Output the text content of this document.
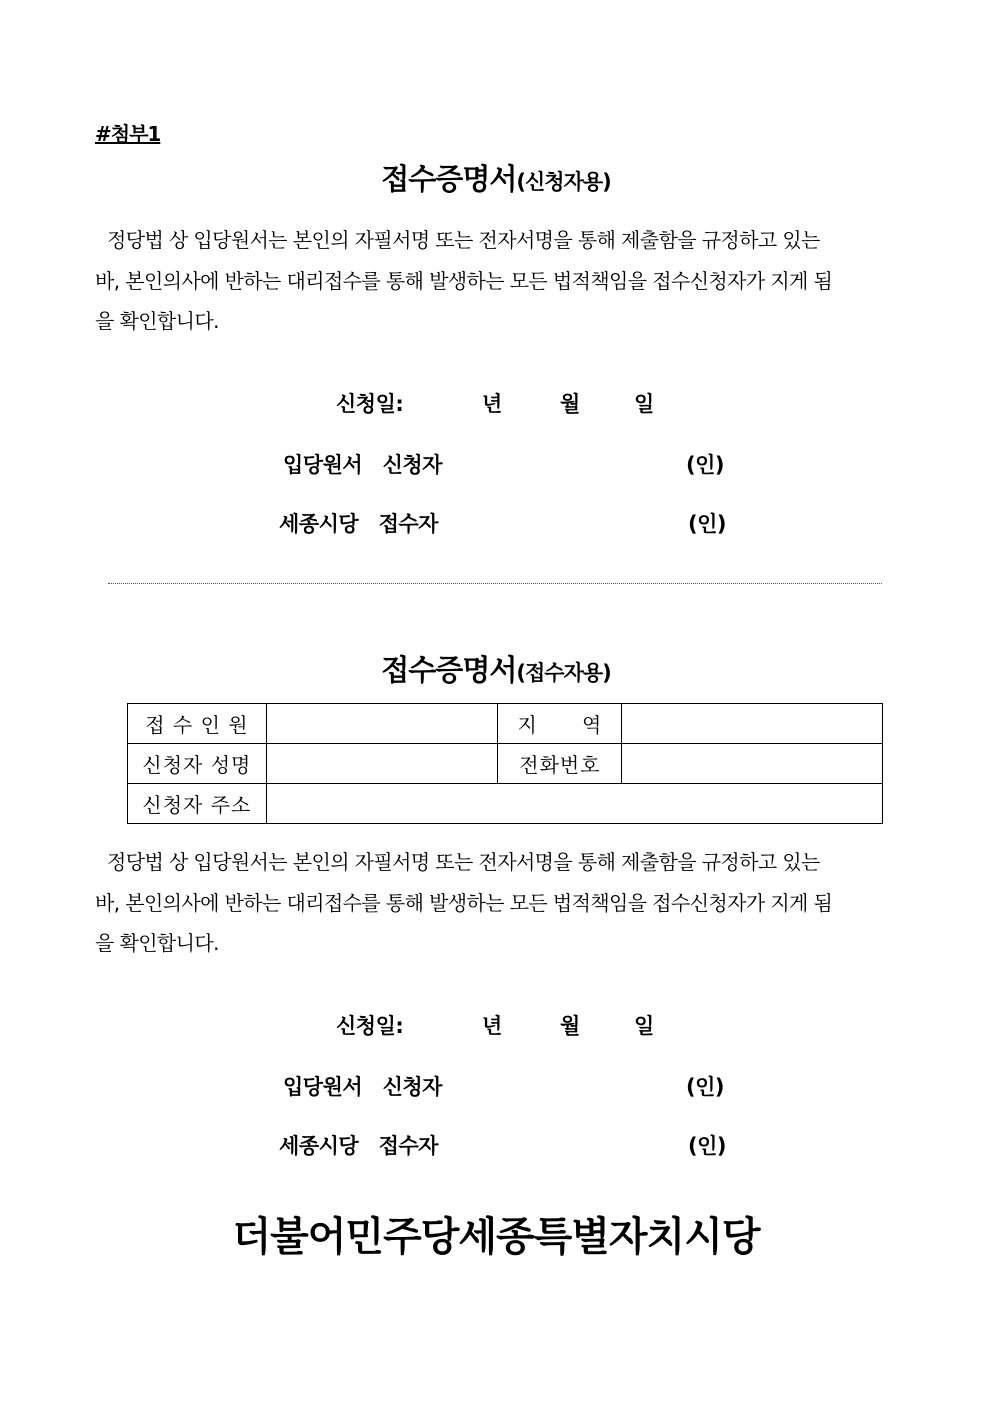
#첨부1
접수증명서(신청자용)
정당법 상 입당원서는 본인의 자필서명 또는 전자서명을 통해 제출함을 규정하고 있는
바, 본인의사에 반하는 대리접수를 통해 발생하는 모든 법적책임을 접수신청자가 지게 됨
을 확인합니다.
신청일:	년	월	일
입당원서   신청자	(인)
세종시당   접수자	(인)
접수증명서(접수자용)
접 수 인 원		지      역	
신청자 성명		전화번호	
신청자 주소			
정당법 상 입당원서는 본인의 자필서명 또는 전자서명을 통해 제출함을 규정하고 있는
바, 본인의사에 반하는 대리접수를 통해 발생하는 모든 법적책임을 접수신청자가 지게 됨
을 확인합니다.
신청일:	년	월	일
입당원서   신청자	(인)
세종시당   접수자	(인)
더불어민주당세종특별자치시당
